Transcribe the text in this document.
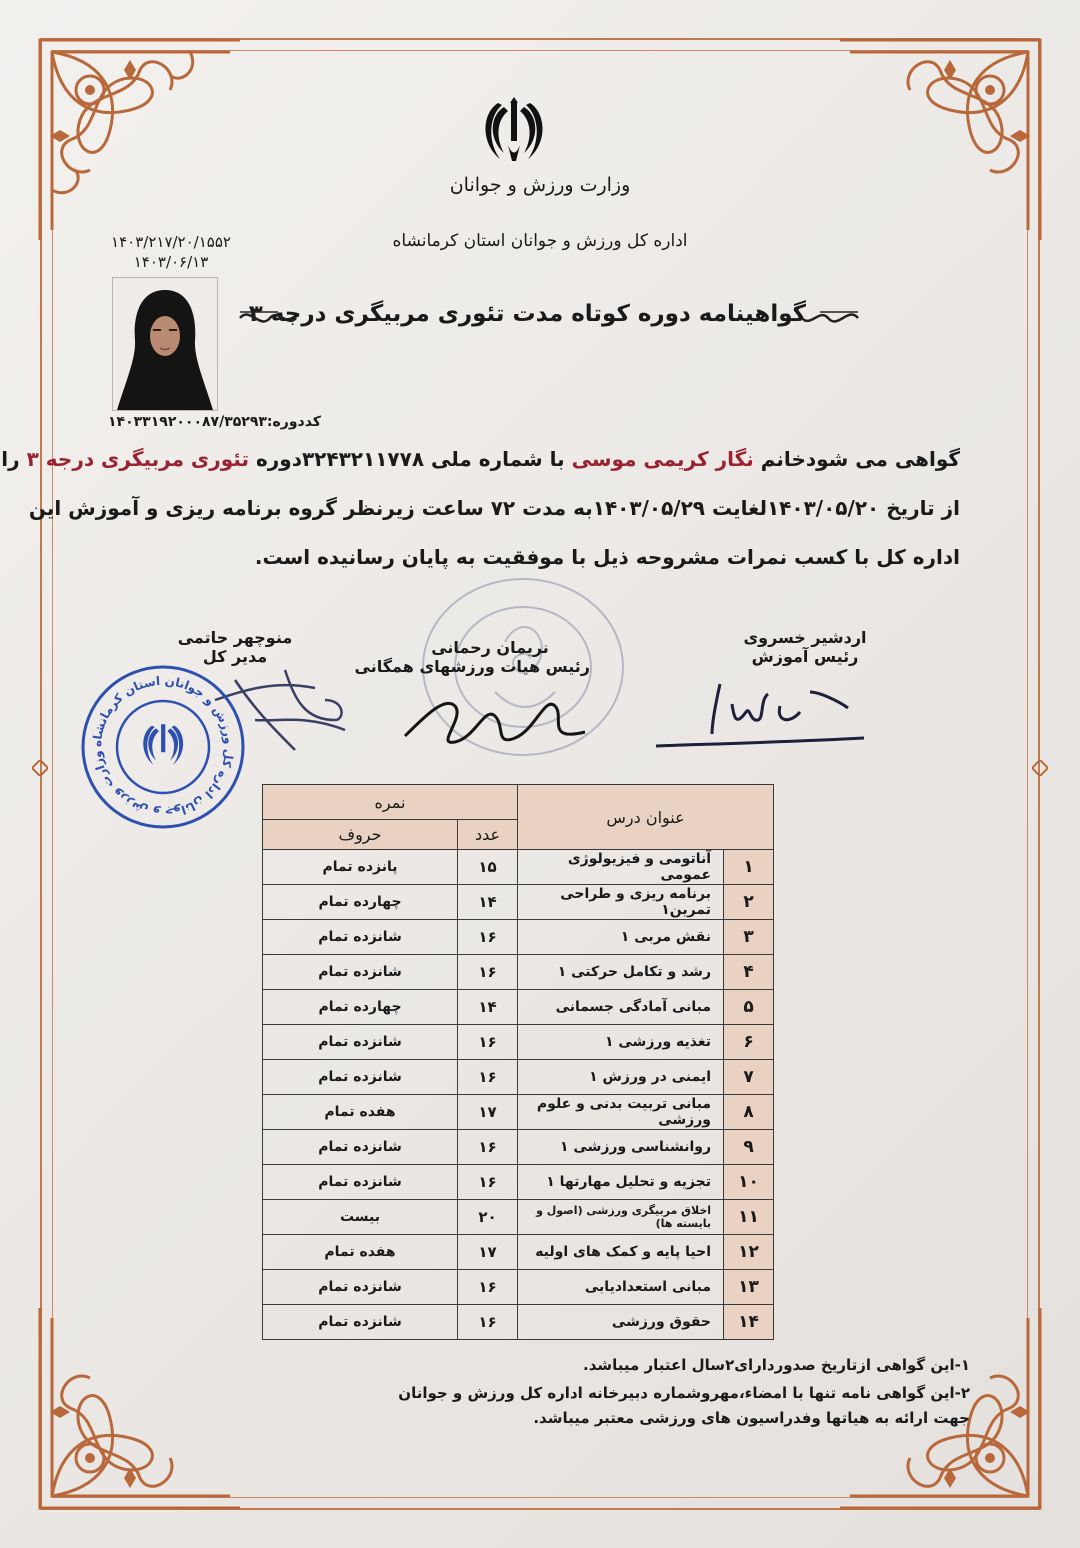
وزارت ورزش و جوانان
اداره کل ورزش و جوانان استان کرمانشاه
۱۴۰۳/۲۱۷/۲۰/۱۵۵۲
۱۴۰۳/۰۶/۱۳
گواهینامه دوره کوتاه مدت تئوری مربیگری درجه ۳
کددوره:۱۴۰۳۳۱۹۲۰۰۰۸۷/۳۵۲۹۳
گواهی می شودخانم نگار کریمی موسی با شماره ملی ۳۲۴۳۲۱۱۷۷۸دوره تئوری مربیگری درجه ۳ را
از تاریخ ۱۴۰۳/۰۵/۲۰لغایت ۱۴۰۳/۰۵/۲۹به مدت ۷۲ ساعت زیرنظر گروه برنامه ریزی و آموزش این
اداره کل با کسب نمرات مشروحه ذیل با موفقیت به پایان رسانیده است.
اردشیر خسروی
رئیس آموزش
نریمان رحمانی
رئیس هیات ورزشهای همگانی
منوچهر حاتمی
مدیر کل
وزارت ورزش و جوانان اداره کل ورزش و جوانان استان کرمانشاه
عنوان درس		نمره	
		عدد	حروف
۱	آناتومی و فیزیولوژی عمومی	۱۵	پانزده تمام
۲	برنامه ریزی و طراحی تمرین۱	۱۴	چهارده تمام
۳	نقش مربی ۱	۱۶	شانزده تمام
۴	رشد و تکامل حرکتی ۱	۱۶	شانزده تمام
۵	مبانی آمادگی جسمانی	۱۴	چهارده تمام
۶	تغذیه ورزشی ۱	۱۶	شانزده تمام
۷	ایمنی در ورزش ۱	۱۶	شانزده تمام
۸	مبانی تربیت بدنی و علوم ورزشی	۱۷	هفده تمام
۹	روانشناسی ورزشی ۱	۱۶	شانزده تمام
۱۰	تجزیه و تحلیل مهارتها ۱	۱۶	شانزده تمام
۱۱	اخلاق مربیگری ورزشی (اصول و بایسته ها)	۲۰	بیست
۱۲	احیا پایه و کمک های اولیه	۱۷	هفده تمام
۱۳	مبانی استعدادیابی	۱۶	شانزده تمام
۱۴	حقوق ورزشی	۱۶	شانزده تمام
۱-این گواهی ازتاریخ صدوردارای۲سال اعتبار میباشد.
۲-این گواهی نامه تنها با امضاء،مهروشماره دبیرخانه اداره کل ورزش و جوانان
جهت ارائه به هیاتها وفدراسیون های ورزشی معتبر میباشد.
